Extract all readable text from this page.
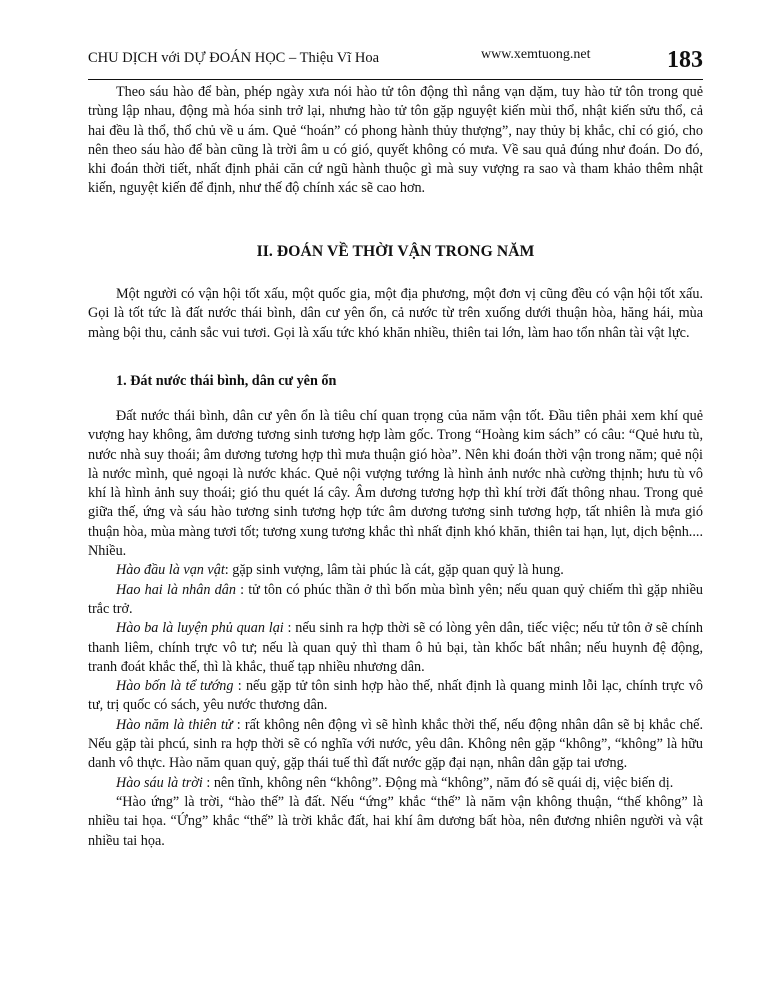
CHU DỊCH với DỰ ĐOÁN HỌC – Thiệu Vĩ Hoa	www.xemtuong.net	183

Theo sáu hào để bàn, phép ngày xưa nói hào tử tôn động thì nắng vạn dặm, tuy hào tử tôn trong quẻ trùng lập nhau, động mà hóa sinh trở lại, nhưng hào tử tôn gặp nguyệt kiến mùi thổ, nhật kiến sửu thổ, cả hai đều là thổ, thổ chủ về u ám. Quẻ “hoán” có phong hành thủy thượng”, nay thủy bị khắc, chỉ có gió, cho nên theo sáu hào để bàn cũng là trời âm u có gió, quyết không có mưa. Về sau quả đúng như đoán. Do đó, khi đoán thời tiết, nhất định phải căn cứ ngũ hành thuộc gì mà suy vượng ra sao và tham khảo thêm nhật kiến, nguyệt kiến để định, như thế độ chính xác sẽ cao hơn.

II. ĐOÁN VỀ THỜI VẬN TRONG NĂM

Một người có vận hội tốt xấu, một quốc gia, một địa phương, một đơn vị cũng đều có vận hội tốt xấu. Gọi là tốt tức là đất nước thái bình, dân cư yên ổn, cả nước từ trên xuống dưới thuận hòa, hăng hái, mùa màng bội thu, cảnh sắc vui tươi. Gọi là xấu tức khó khăn nhiều, thiên tai lớn, làm hao tổn nhân tài vật lực.

1. Đát nước thái bình, dân cư yên ổn

Đất nước thái bình, dân cư yên ổn là tiêu chí quan trọng của năm vận tốt. Đầu tiên phải xem khí quẻ vượng hay không, âm dương tương sinh tương hợp làm gốc. Trong “Hoàng kim sách” có câu: “Quẻ hưu tù, nước nhà suy thoái; âm dương tương hợp thì mưa thuận gió hòa”. Nên khi đoán thời vận trong năm; quẻ nội là nước mình, quẻ ngoại là nước khác. Quẻ nội vượng tướng là hình ảnh nước nhà cường thịnh; hưu tù vô khí là hình ảnh suy thoái; gió thu quét lá cây. Âm dương tương hợp thì khí trời đất thông nhau. Trong quẻ giữa thế, ứng và sáu hào tương sinh tương hợp tức âm dương tương sinh tương hợp, tất nhiên là mưa gió thuận hòa, mùa màng tươi tốt; tương xung tương khắc thì nhất định khó khăn, thiên tai hạn, lụt, dịch bệnh.... Nhiều.

Hào đầu là vạn vật: gặp sinh vượng, lâm tài phúc là cát, gặp quan quỷ là hung.

Hao hai là nhân dân : tử tôn có phúc thần ở thì bốn mùa bình yên; nếu quan quỷ chiếm thì gặp nhiều trắc trở.

Hào ba là luyện phủ quan lại : nếu sinh ra hợp thời sẽ có lòng yên dân, tiếc việc; nếu tử tôn ở sẽ chính thanh liêm, chính trực vô tư; nếu là quan quỷ thì tham ô hủ bại, tàn khốc bất nhân; nếu huynh đệ động, tranh đoát khắc thế, thì là khắc, thuế tạp nhiều nhương dân.

Hào bốn là tể tướng : nếu gặp tử tôn sinh hợp hào thế, nhất định là quang minh lỗi lạc, chính trực vô tư, trị quốc có sách, yêu nước thương dân.

Hào năm là thiên tử : rất không nên động vì sẽ hình khắc thời thế, nếu động nhân dân sẽ bị khắc chế. Nếu gặp tài phcú, sinh ra hợp thời sẽ có nghĩa với nước, yêu dân. Không nên gặp “không”, “không” là hữu danh vô thực. Hào năm quan quỷ, gặp thái tuế thì đất nước gặp đại nạn, nhân dân gặp tai ương.

Hào sáu là trời : nên tĩnh, không nên “không”. Động mà “không”, năm đó sẽ quái dị, việc biến dị.

“Hào ứng” là trời, “hào thế” là đất. Nếu “ứng” khắc “thế” là năm vận không thuận, “thế không” là nhiều tai họa. “Ứng” khắc “thế” là trời khắc đất, hai khí âm dương bất hòa, nên đương nhiên người và vật nhiều tai họa.
